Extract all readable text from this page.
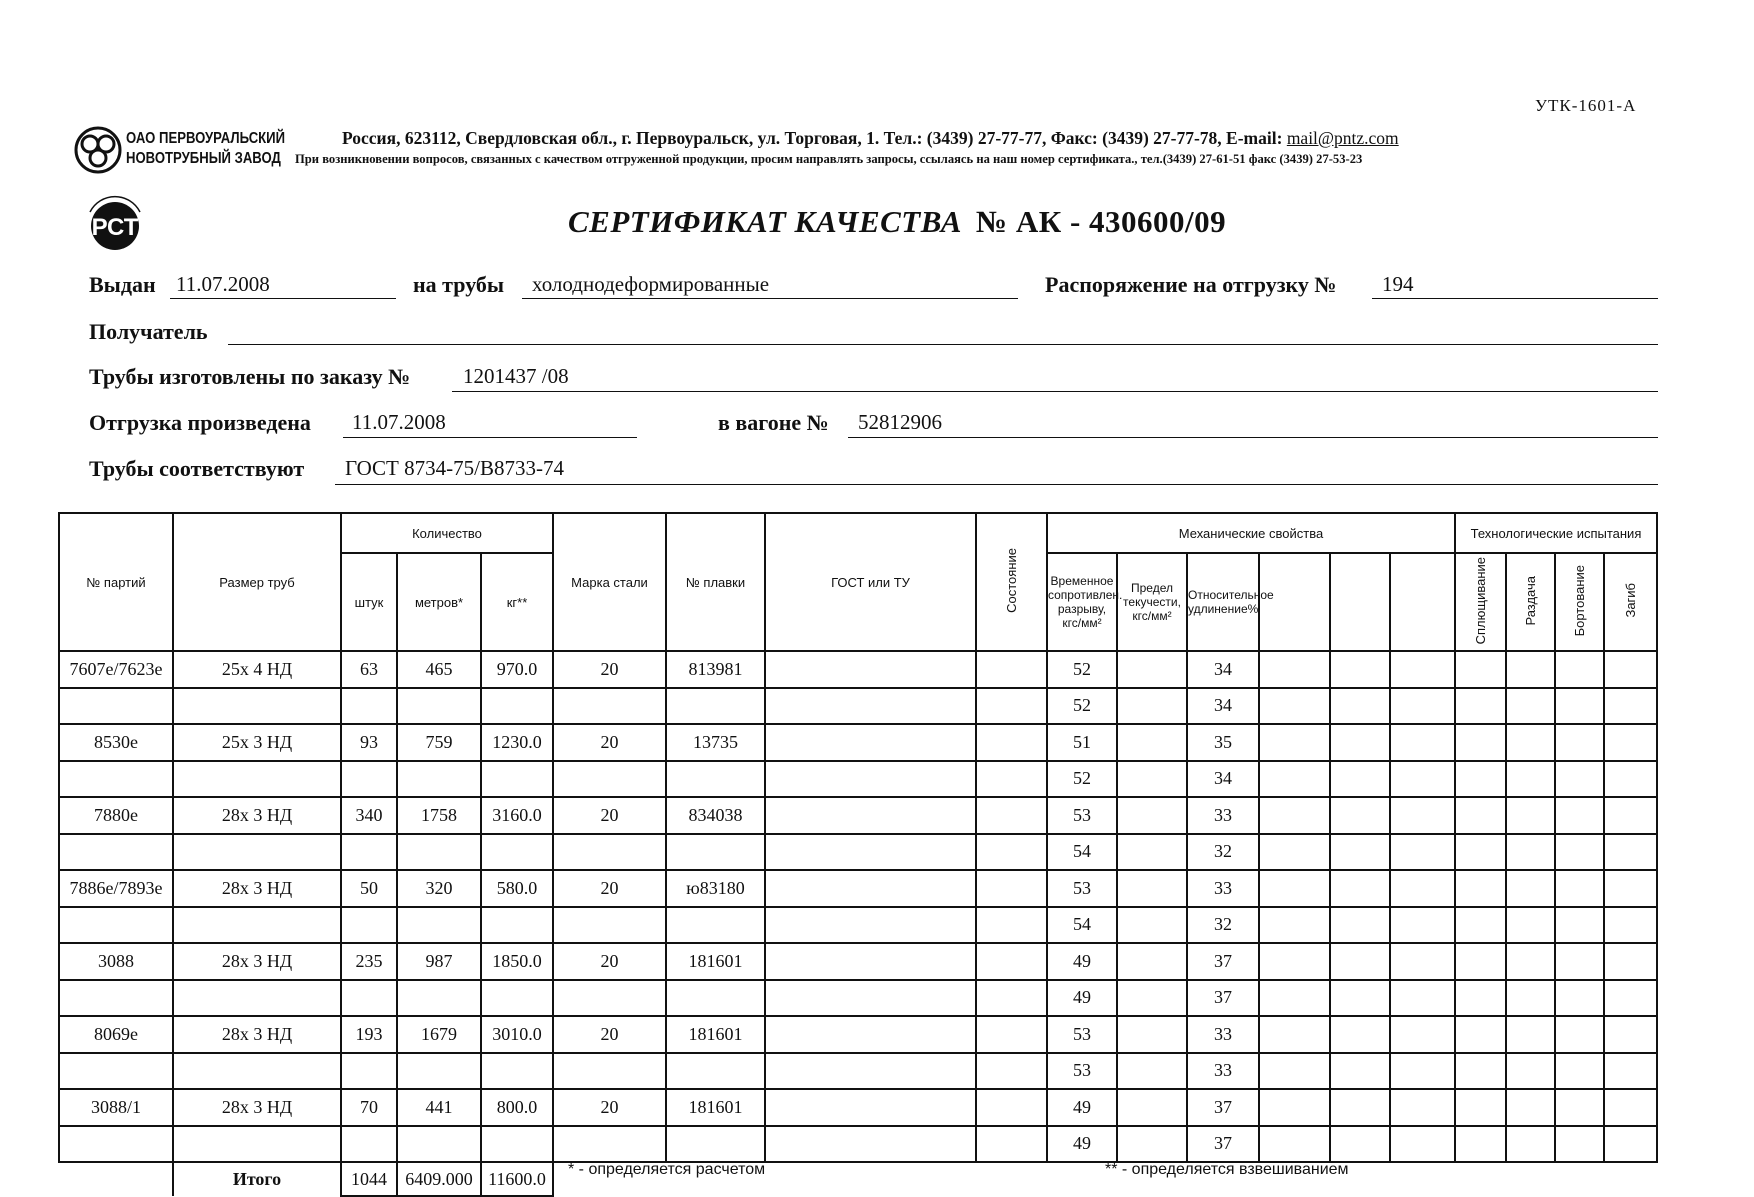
УТК-1601-А
ОАО ПЕРВОУРАЛЬСКИЙ
НОВОТРУБНЫЙ ЗАВОД
Россия, 623112, Свердловская обл., г. Первоуральск, ул. Торговая, 1. Тел.: (3439) 27-77-77, Факс: (3439) 27-77-78, E-mail: mail@pntz.com
При возникновении вопросов, связанных с качеством отгруженной продукции, просим направлять запросы, ссылаясь на наш номер сертификата., тел.(3439) 27-61-51 факс (3439) 27-53-23
РСТ	СЕРТИФИКАТ КАЧЕСТВА № АК - 430600/09
Выдан 11.07.2008	на трубы	холоднодеформированные	Распоряжение на отгрузку №	194
Получатель
Трубы изготовлены по заказу №	1201437 /08
Отгрузка произведена	11.07.2008	в вагоне №	52812906
Трубы соответствуют	ГОСТ 8734-75/В8733-74
№ партий	Размер труб	Количество			Марка стали	№ плавки	ГОСТ или ТУ	Состояние	Механические свойства						Технологические испытания			
		штук	метров*	кг**					Временное сопротивлен. разрыву, кгс/мм²	Предел текучести, кгс/мм²	Относительное удлинение%				Сплющивание	Раздача	Бортование	Загиб
7607е/7623е	25х 4 НД	63	465	970.0	20	813981			52		34							
									52		34							
8530е	25х 3 НД	93	759	1230.0	20	13735			51		35							
									52		34							
7880е	28х 3 НД	340	1758	3160.0	20	834038			53		33							
									54		32							
7886е/7893е	28х 3 НД	50	320	580.0	20	ю83180			53		33							
									54		32							
3088	28х 3 НД	235	987	1850.0	20	181601			49		37							
									49		37							
8069е	28х 3 НД	193	1679	3010.0	20	181601			53		33							
									53		33							
3088/1	28х 3 НД	70	441	800.0	20	181601			49		37							
									49		37							
	Итого	1044	6409.000	11600.0														* - определяется расчетом	** - определяется взвешиванием
